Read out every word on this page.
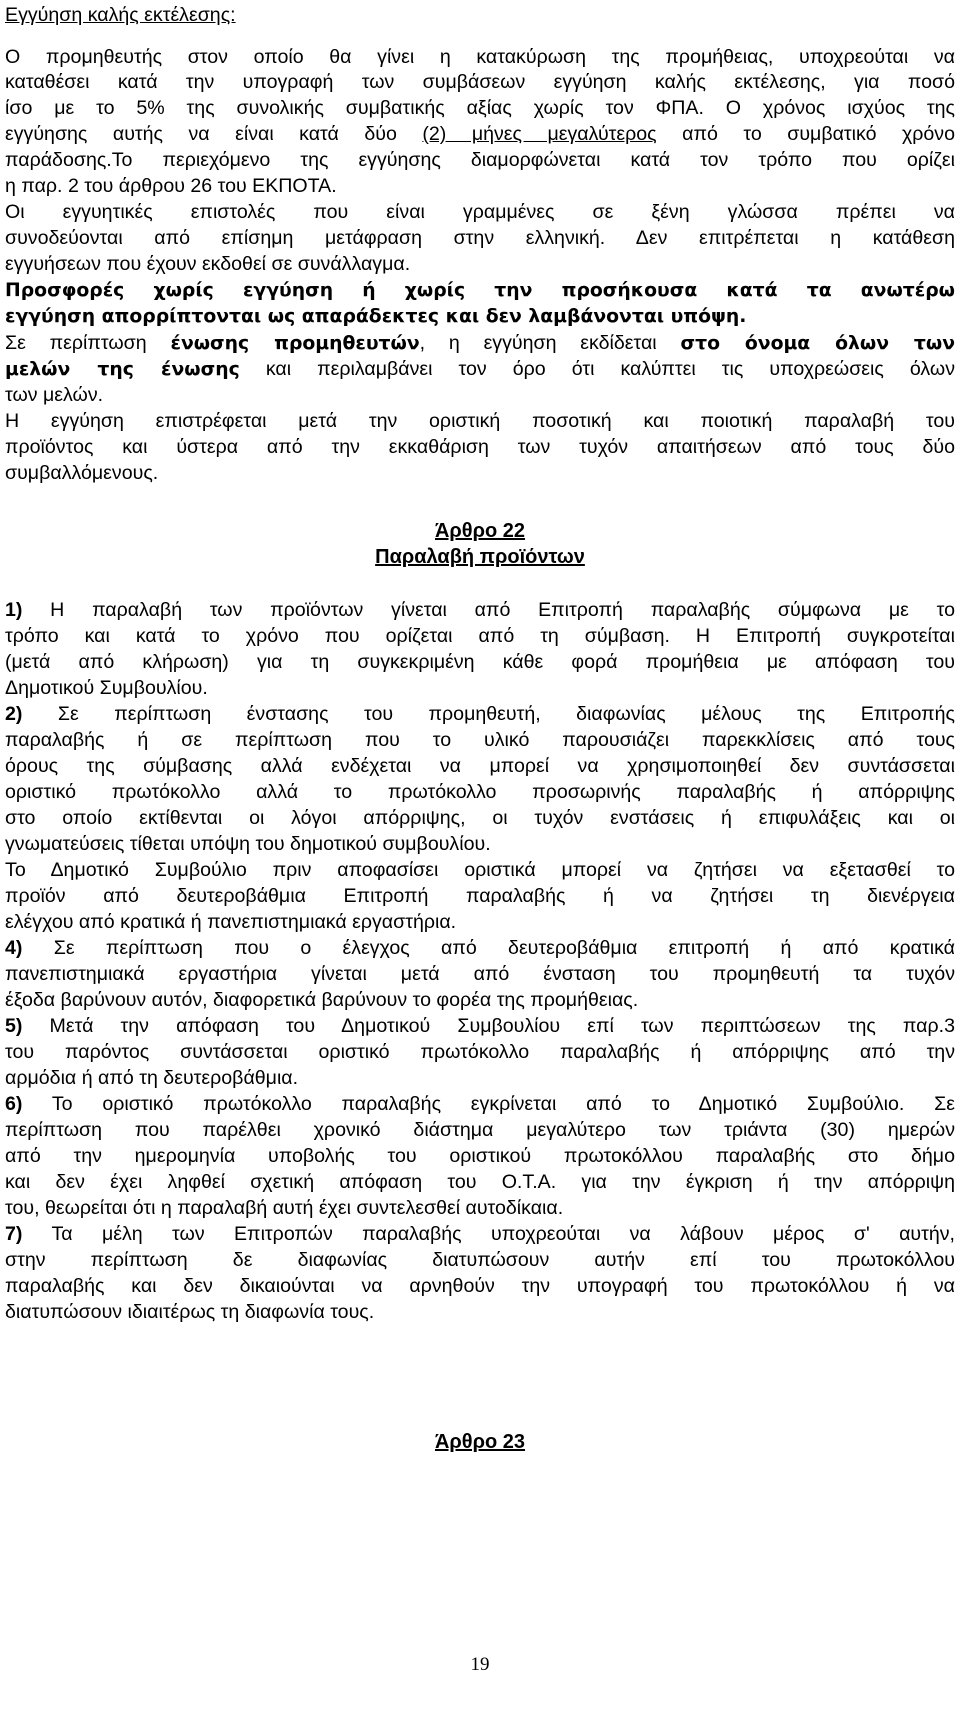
Εγγύηση καλής εκτέλεσης:
Ο προμηθευτής στον οποίο θα γίνει η κατακύρωση της προμήθειας, υποχρεούται να
καταθέσει κατά την υπογραφή των συμβάσεων εγγύηση καλής εκτέλεσης, για ποσό
ίσο με το 5% της συνολικής συμβατικής αξίας χωρίς τον ΦΠΑ. Ο χρόνος ισχύος της
εγγύησης αυτής να είναι κατά δύο (2) μήνες μεγαλύτερος από το συμβατικό χρόνο
παράδοσης.Το περιεχόμενο της εγγύησης διαμορφώνεται κατά τον τρόπο που ορίζει
η παρ. 2 του άρθρου 26 του ΕΚΠΟΤΑ.
Οι εγγυητικές επιστολές που είναι γραμμένες σε ξένη γλώσσα πρέπει να
συνοδεύονται από επίσημη μετάφραση στην ελληνική. Δεν επιτρέπεται η κατάθεση
εγγυήσεων που έχουν εκδοθεί σε συνάλλαγμα.
Προσφορές χωρίς εγγύηση ή χωρίς την προσήκουσα κατά τα ανωτέρω
εγγύηση απορρίπτονται ως απαράδεκτες και δεν λαμβάνονται υπόψη.
Σε περίπτωση ένωσης προμηθευτών, η εγγύηση εκδίδεται στο όνομα όλων των
μελών της ένωσης και περιλαμβάνει τον όρο ότι καλύπτει τις υποχρεώσεις όλων
των μελών.
Η εγγύηση επιστρέφεται μετά την οριστική ποσοτική και ποιοτική παραλαβή του
προϊόντος και ύστερα από την εκκαθάριση των τυχόν απαιτήσεων από τους δύο
συμβαλλόμενους.
Άρθρο 22
Παραλαβή προϊόντων
1) Η παραλαβή των προϊόντων γίνεται από Επιτροπή παραλαβής σύμφωνα με το
τρόπο και κατά το χρόνο που ορίζεται από τη σύμβαση. Η Επιτροπή συγκροτείται
(μετά από κλήρωση) για τη συγκεκριμένη κάθε φορά προμήθεια με απόφαση του
Δημοτικού Συμβουλίου.
2) Σε περίπτωση ένστασης του προμηθευτή, διαφωνίας μέλους της Επιτροπής
παραλαβής ή σε περίπτωση που το υλικό παρουσιάζει παρεκκλίσεις από τους
όρους της σύμβασης αλλά ενδέχεται να μπορεί να χρησιμοποιηθεί δεν συντάσσεται
οριστικό πρωτόκολλο αλλά το πρωτόκολλο προσωρινής παραλαβής ή απόρριψης
στο οποίο εκτίθενται οι λόγοι απόρριψης, οι τυχόν ενστάσεις ή επιφυλάξεις και οι
γνωματεύσεις τίθεται υπόψη του δημοτικού συμβουλίου.
Το Δημοτικό Συμβούλιο πριν αποφασίσει οριστικά μπορεί να ζητήσει να εξετασθεί το
προϊόν από δευτεροβάθμια Επιτροπή παραλαβής ή να ζητήσει τη διενέργεια
ελέγχου από κρατικά ή πανεπιστημιακά εργαστήρια.
4) Σε περίπτωση που ο έλεγχος από δευτεροβάθμια επιτροπή ή από κρατικά
πανεπιστημιακά εργαστήρια γίνεται μετά από ένσταση του προμηθευτή τα τυχόν
έξοδα βαρύνουν αυτόν, διαφορετικά βαρύνουν το φορέα της προμήθειας.
5) Μετά την απόφαση του Δημοτικού Συμβουλίου επί των περιπτώσεων της παρ.3
του παρόντος συντάσσεται οριστικό πρωτόκολλο παραλαβής ή απόρριψης από την
αρμόδια ή από τη δευτεροβάθμια.
6) Το οριστικό πρωτόκολλο παραλαβής εγκρίνεται από το Δημοτικό Συμβούλιο. Σε
περίπτωση που παρέλθει χρονικό διάστημα μεγαλύτερο των τριάντα (30) ημερών
από την ημερομηνία υποβολής του οριστικού πρωτοκόλλου παραλαβής στο δήμο
και δεν έχει ληφθεί σχετική απόφαση του Ο.Τ.Α. για την έγκριση ή την απόρριψη
του, θεωρείται ότι η παραλαβή αυτή έχει συντελεσθεί αυτοδίκαια.
7) Τα μέλη των Επιτροπών παραλαβής υποχρεούται να λάβουν μέρος σ' αυτήν,
στην περίπτωση δε διαφωνίας διατυπώσουν αυτήν επί του πρωτοκόλλου
παραλαβής και δεν δικαιούνται να αρνηθούν την υπογραφή του πρωτοκόλλου ή να
διατυπώσουν ιδιαιτέρως τη διαφωνία τους.
Άρθρο 23
19
